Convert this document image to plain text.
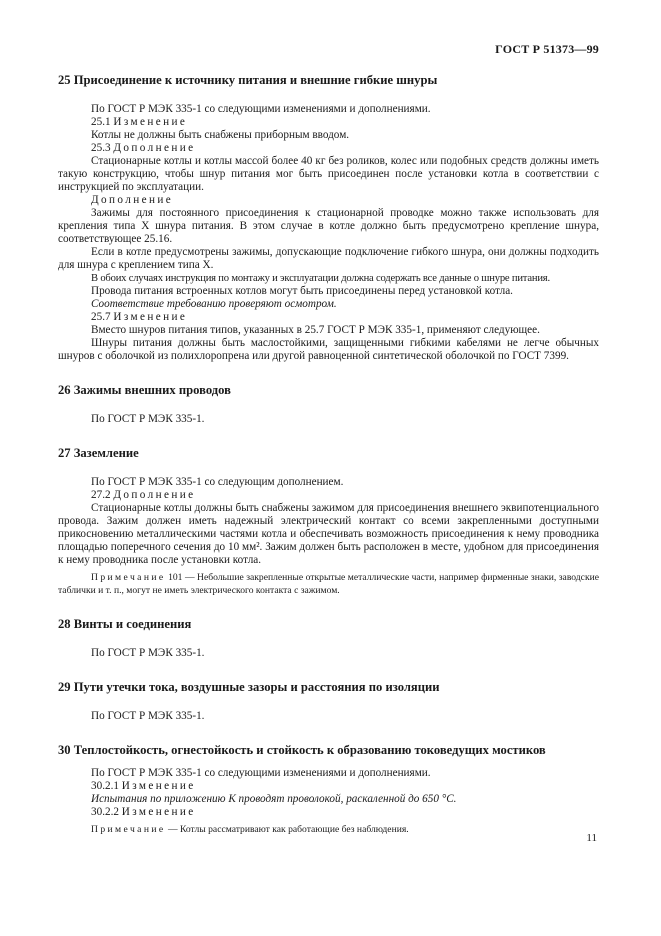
ГОСТ Р 51373—99
25 Присоединение к источнику питания и внешние гибкие шнуры

По ГОСТ Р МЭК 335-1 со следующими изменениями и дополнениями.

25.1 Изменение

Котлы не должны быть снабжены приборным вводом.

25.3 Дополнение

Стационарные котлы и котлы массой более 40 кг без роликов, колес или подобных средств должны иметь такую конструкцию, чтобы шнур питания мог быть присоединен после установки котла в соответствии с инструкцией по эксплуатации.

Дополнение

Зажимы для постоянного присоединения к стационарной проводке можно также использовать для крепления типа X шнура питания. В этом случае в котле должно быть предусмотрено крепление шнура, соответствующее 25.16.

Если в котле предусмотрены зажимы, допускающие подключение гибкого шнура, они должны подходить для шнура с креплением типа X.

В обоих случаях инструкция по монтажу и эксплуатации должна содержать все данные о шнуре питания.

Провода питания встроенных котлов могут быть присоединены перед установкой котла.

Соответствие требованию проверяют осмотром.

25.7 Изменение

Вместо шнуров питания типов, указанных в 25.7 ГОСТ Р МЭК 335-1, применяют следующее.

Шнуры питания должны быть маслостойкими, защищенными гибкими кабелями не легче обычных шнуров с оболочкой из полихлоропрена или другой равноценной синтетической оболочкой по ГОСТ 7399.

26 Зажимы внешних проводов

По ГОСТ Р МЭК 335-1.

27 Заземление

По ГОСТ Р МЭК 335-1 со следующим дополнением.

27.2 Дополнение

Стационарные котлы должны быть снабжены зажимом для присоединения внешнего эквипотенциального провода. Зажим должен иметь надежный электрический контакт со всеми закрепленными доступными прикосновению металлическими частями котла и обеспечивать возможность присоединения к нему проводника площадью поперечного сечения до 10 мм². Зажим должен быть расположен в месте, удобном для присоединения к нему проводника после установки котла.

Примечание 101 — Небольшие закрепленные открытые металлические части, например фирменные знаки, заводские таблички и т. п., могут не иметь электрического контакта с зажимом.

28 Винты и соединения

По ГОСТ Р МЭК 335-1.

29 Пути утечки тока, воздушные зазоры и расстояния по изоляции

По ГОСТ Р МЭК 335-1.

30 Теплостойкость, огнестойкость и стойкость к образованию токоведущих мостиков

По ГОСТ Р МЭК 335-1 со следующими изменениями и дополнениями.

30.2.1 Изменение

Испытания по приложению К проводят проволокой, раскаленной до 650 °С.

30.2.2 Изменение

Примечание — Котлы рассматривают как работающие без наблюдения.

11
